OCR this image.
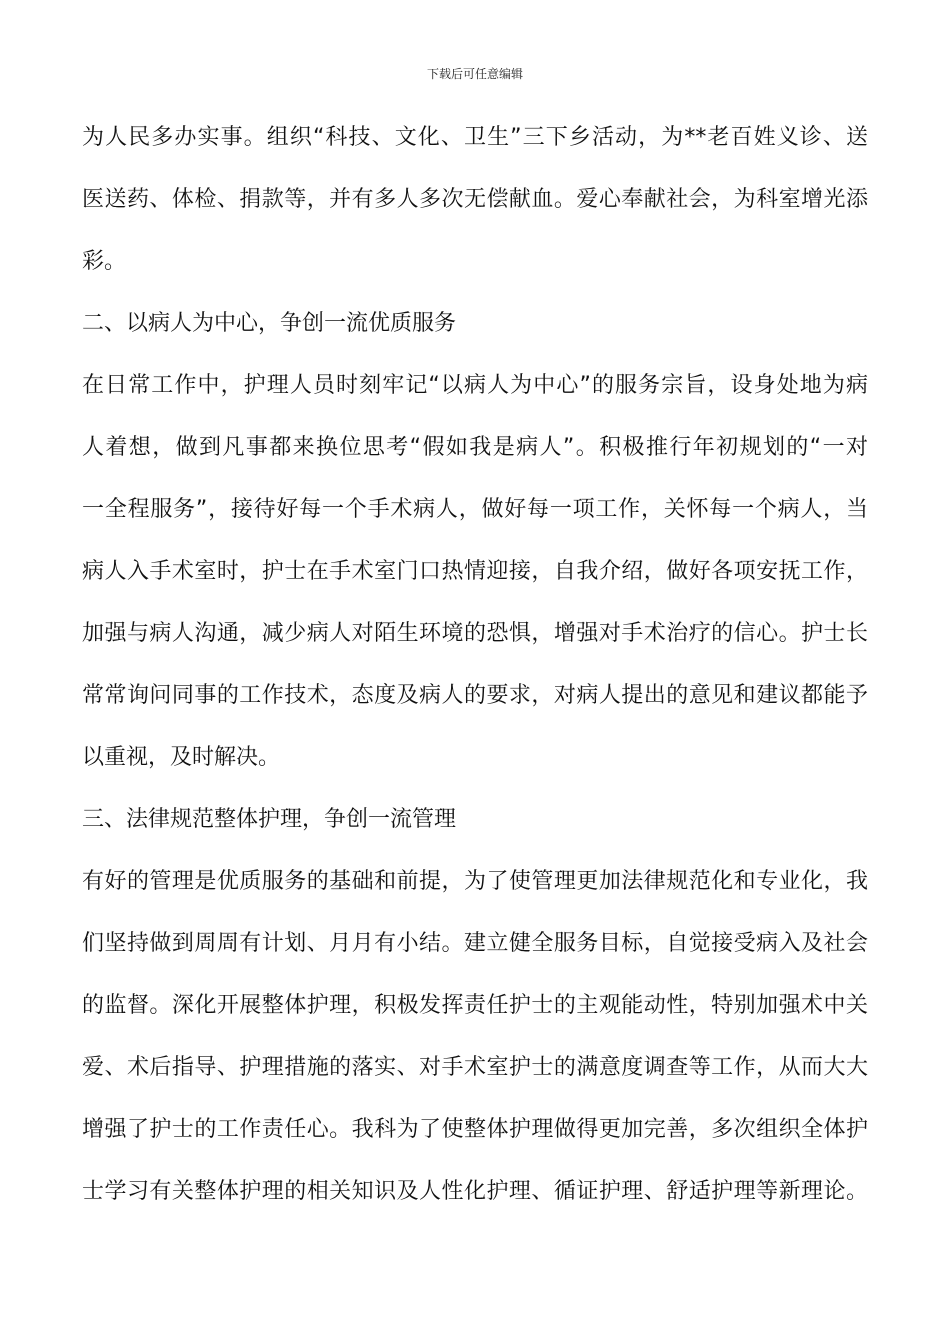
下载后可任意编辑
为人民多办实事。组织“科技、文化、卫生”三下乡活动，为**老百姓义诊、送
医送药、体检、捐款等，并有多人多次无偿献血。爱心奉献社会，为科室增光添
彩。
二、以病人为中心，争创一流优质服务
在日常工作中，护理人员时刻牢记“以病人为中心”的服务宗旨，设身处地为病
人着想，做到凡事都来换位思考“假如我是病人”。积极推行年初规划的“一对
一全程服务”，接待好每一个手术病人，做好每一项工作，关怀每一个病人，当
病人入手术室时，护士在手术室门口热情迎接，自我介绍，做好各项安抚工作，
加强与病人沟通，减少病人对陌生环境的恐惧，增强对手术治疗的信心。护士长
常常询问同事的工作技术，态度及病人的要求，对病人提出的意见和建议都能予
以重视，及时解决。
三、法律规范整体护理，争创一流管理
有好的管理是优质服务的基础和前提，为了使管理更加法律规范化和专业化，我
们坚持做到周周有计划、月月有小结。建立健全服务目标，自觉接受病入及社会
的监督。深化开展整体护理，积极发挥责任护士的主观能动性，特别加强术中关
爱、术后指导、护理措施的落实、对手术室护士的满意度调查等工作，从而大大
增强了护士的工作责任心。我科为了使整体护理做得更加完善，多次组织全体护
士学习有关整体护理的相关知识及人性化护理、循证护理、舒适护理等新理论。
